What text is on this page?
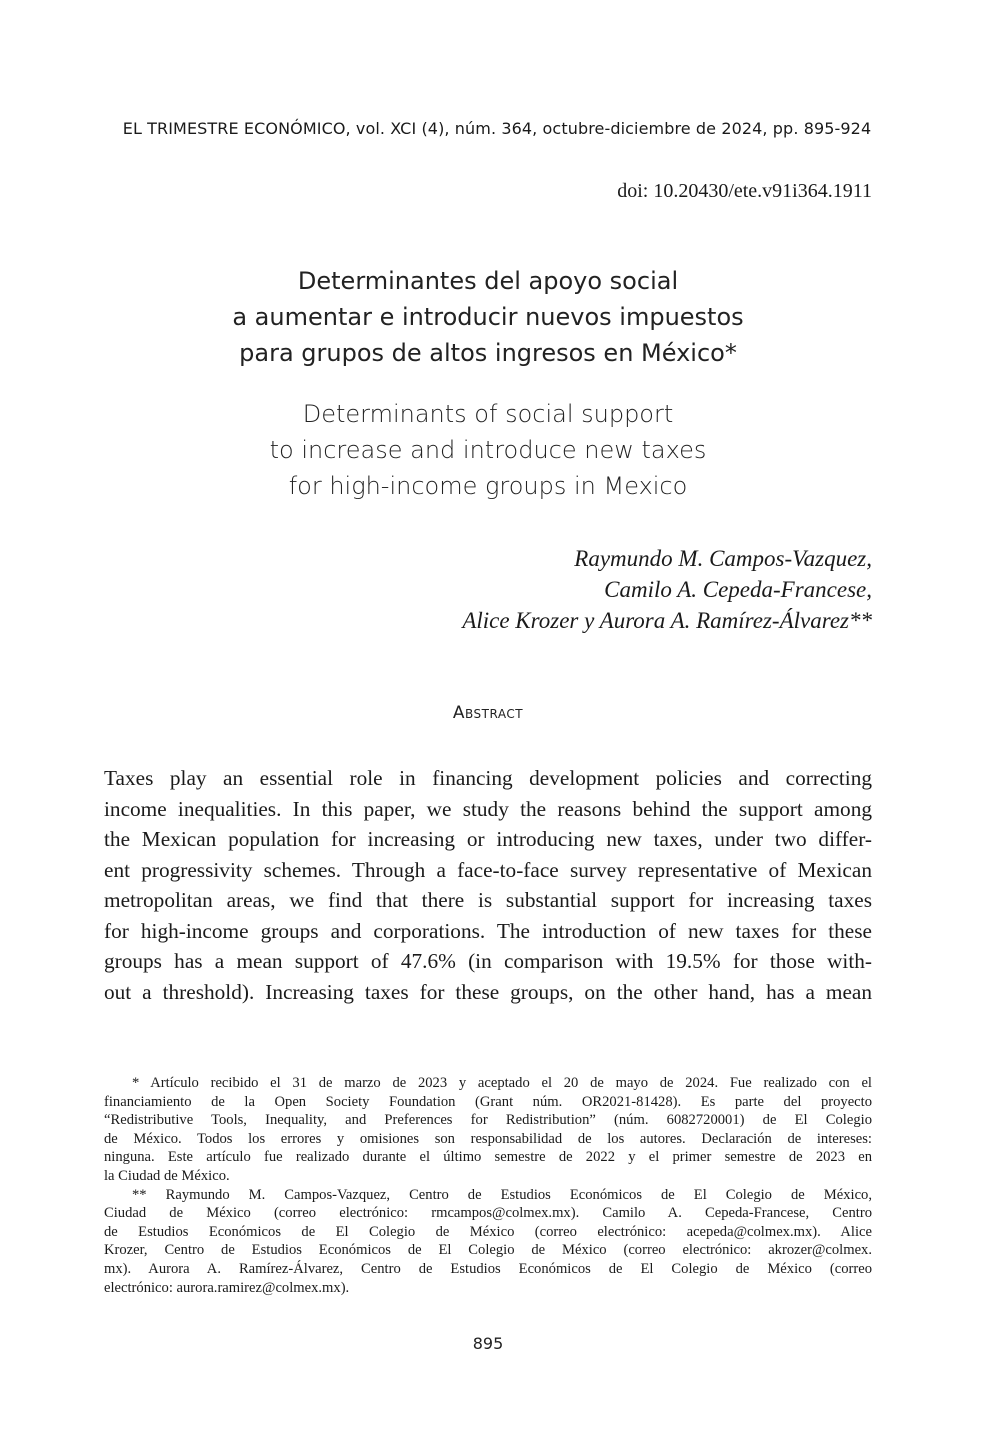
EL TRIMESTRE ECONÓMICO, vol. XCI (4), núm. 364, octubre-diciembre de 2024, pp. 895-924
doi: 10.20430/ete.v91i364.1911
Determinantes del apoyo social
a aumentar e introducir nuevos impuestos
para grupos de altos ingresos en México*
Determinants of social support
to increase and introduce new taxes
for high-income groups in Mexico
Raymundo M. Campos-Vazquez,
Camilo A. Cepeda-Francese,
Alice Krozer y Aurora A. Ramírez-Álvarez**
Abstract
Taxes play an essential role in financing development policies and correcting
income inequalities. In this paper, we study the reasons behind the support among
the Mexican population for increasing or introducing new taxes, under two differ-
ent progressivity schemes. Through a face-to-face survey representative of Mexican
metropolitan areas, we find that there is substantial support for increasing taxes
for high-income groups and corporations. The introduction of new taxes for these
groups has a mean support of 47.6% (in comparison with 19.5% for those with-
out a threshold). Increasing taxes for these groups, on the other hand, has a mean
* Artículo recibido el 31 de marzo de 2023 y aceptado el 20 de mayo de 2024. Fue realizado con el
financiamiento de la Open Society Foundation (Grant núm. OR2021-81428). Es parte del proyecto
“Redistributive Tools, Inequality, and Preferences for Redistribution” (núm. 6082720001) de El Colegio
de México. Todos los errores y omisiones son responsabilidad de los autores. Declaración de intereses:
ninguna. Este artículo fue realizado durante el último semestre de 2022 y el primer semestre de 2023 en
la Ciudad de México.
** Raymundo M. Campos-Vazquez, Centro de Estudios Económicos de El Colegio de México,
Ciudad de México (correo electrónico: rmcampos@colmex.mx). Camilo A. Cepeda-Francese, Centro
de Estudios Económicos de El Colegio de México (correo electrónico: acepeda@colmex.mx). Alice
Krozer, Centro de Estudios Económicos de El Colegio de México (correo electrónico: akrozer@colmex.
mx). Aurora A. Ramírez-Álvarez, Centro de Estudios Económicos de El Colegio de México (correo
electrónico: aurora.ramirez@colmex.mx).
895
